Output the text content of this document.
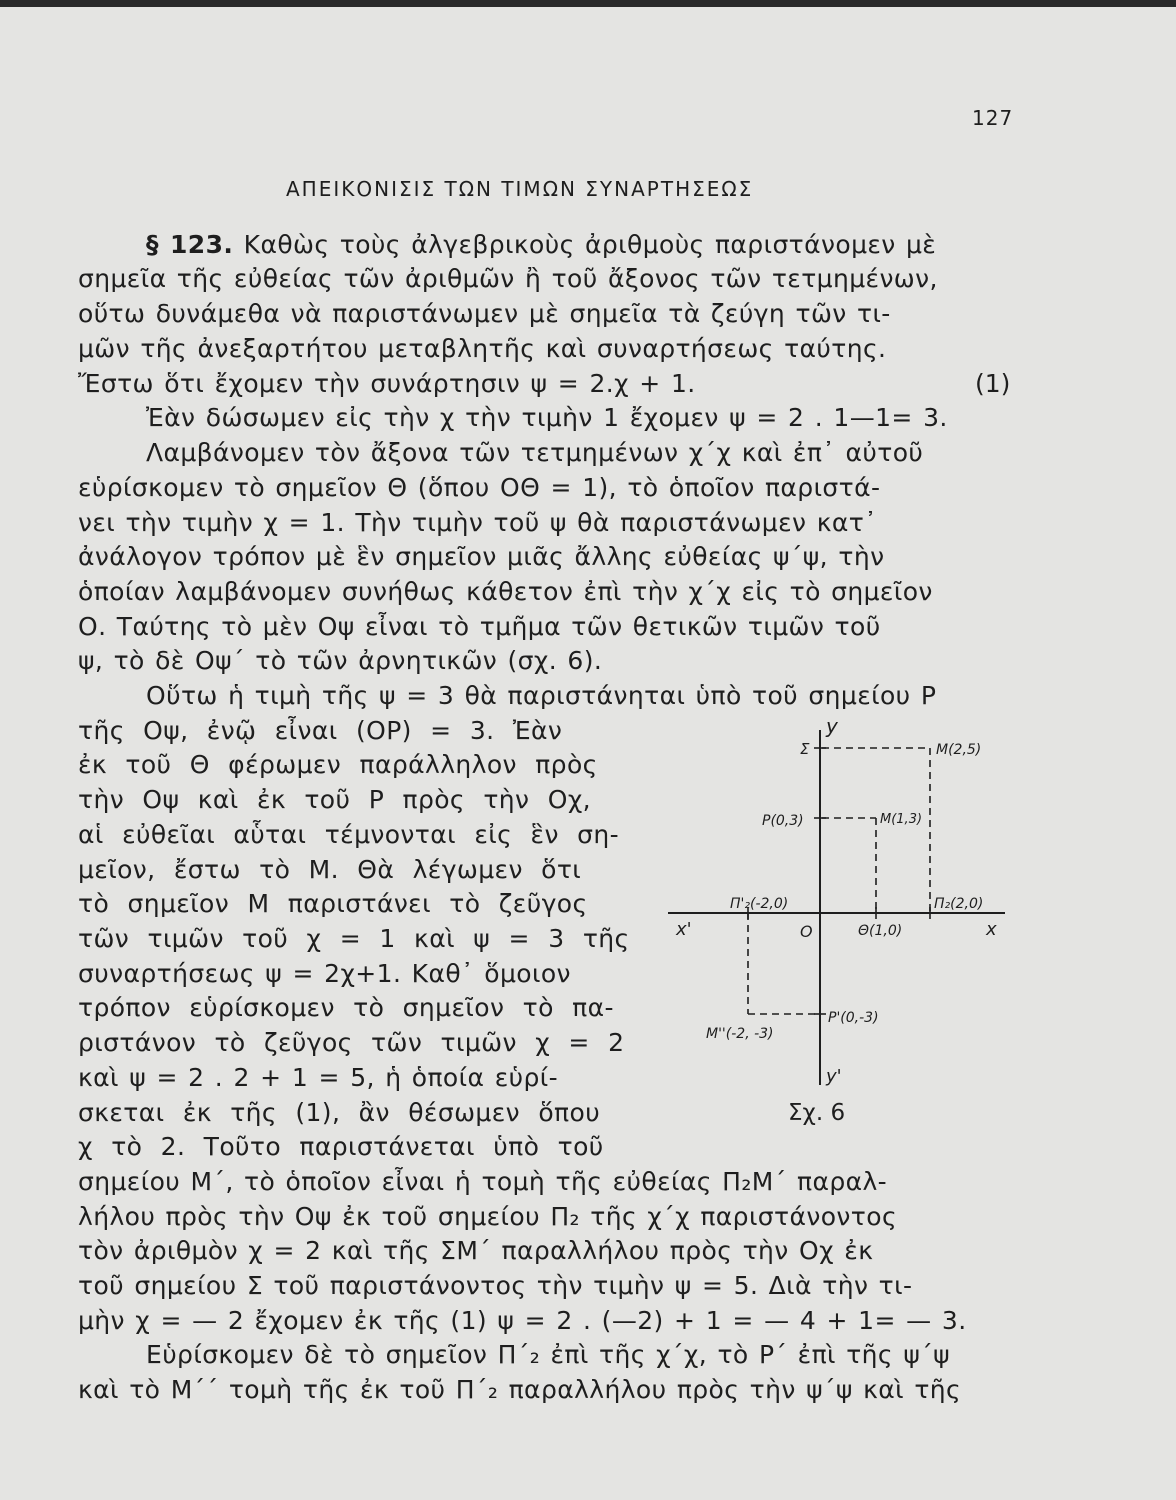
127
ΑΠΕΙΚΟΝΙΣΙΣ ΤΩΝ ΤΙΜΩΝ ΣΥΝΑΡΤΗΣΕΩΣ
§ 123. Καθὼς τοὺς ἀλγεβρικοὺς ἀριθμοὺς παριστάνομεν μὲ
σημεῖα τῆς εὐθείας τῶν ἀριθμῶν ἢ τοῦ ἄξονος τῶν τετμημένων,
οὕτω δυνάμεθα νὰ παριστάνωμεν μὲ σημεῖα τὰ ζεύγη τῶν τι-
μῶν τῆς ἀνεξαρτήτου μεταβλητῆς καὶ συναρτήσεως ταύτης.
Ἔστω ὅτι ἔχομεν τὴν συνάρτησιν ψ = 2.χ + 1.	(1)
Ἐὰν δώσωμεν εἰς τὴν χ τὴν τιμὴν 1 ἔχομεν ψ = 2 . 1—1= 3.
Λαμβάνομεν τὸν ἄξονα τῶν τετμημένων χ΄χ καὶ ἐπ᾽ αὐτοῦ
εὑρίσκομεν τὸ σημεῖον Θ (ὅπου ΟΘ = 1), τὸ ὁποῖον παριστά-
νει τὴν τιμὴν χ = 1. Τὴν τιμὴν τοῦ ψ θὰ παριστάνωμεν κατ᾽
ἀνάλογον τρόπον μὲ ἓν σημεῖον μιᾶς ἄλλης εὐθείας ψ΄ψ, τὴν
ὁποίαν λαμβάνομεν συνήθως κάθετον ἐπὶ τὴν χ΄χ εἰς τὸ σημεῖον
Ο. Ταύτης τὸ μὲν Οψ εἶναι τὸ τμῆμα τῶν θετικῶν τιμῶν τοῦ
ψ, τὸ δὲ Οψ΄ τὸ τῶν ἀρνητικῶν (σχ. 6).
Οὕτω ἡ τιμὴ τῆς ψ = 3 θὰ παριστάνηται ὑπὸ τοῦ σημείου Ρ
τῆς Οψ, ἐνῷ εἶναι (ΟΡ) = 3. Ἐὰν
ἐκ τοῦ Θ φέρωμεν παράλληλον πρὸς
τὴν Οψ καὶ ἐκ τοῦ Ρ πρὸς τὴν Οχ,
αἱ εὐθεῖαι αὗται τέμνονται εἰς ἓν ση-
μεῖον, ἔστω τὸ Μ. Θὰ λέγωμεν ὅτι
τὸ σημεῖον Μ παριστάνει τὸ ζεῦγος
τῶν τιμῶν τοῦ χ = 1 καὶ ψ = 3 τῆς
συναρτήσεως ψ = 2χ+1. Καθ᾽ ὅμοιον
τρόπον εὑρίσκομεν τὸ σημεῖον τὸ πα-
ριστάνον τὸ ζεῦγος τῶν τιμῶν χ = 2
καὶ ψ = 2 . 2 + 1 = 5, ἡ ὁποία εὑρί-
σκεται ἐκ τῆς (1), ἂν θέσωμεν ὅπου
χ τὸ 2. Τοῦτο παριστάνεται ὑπὸ τοῦ
σημείου Μ΄, τὸ ὁποῖον εἶναι ἡ τομὴ τῆς εὐθείας Π₂Μ΄ παραλ-
λήλου πρὸς τὴν Οψ ἐκ τοῦ σημείου Π₂ τῆς χ΄χ παριστάνοντος
τὸν ἀριθμὸν χ = 2 καὶ τῆς ΣΜ΄ παραλλήλου πρὸς τὴν Οχ ἐκ
τοῦ σημείου Σ τοῦ παριστάνοντος τὴν τιμὴν ψ = 5. Διὰ τὴν τι-
μὴν χ = — 2 ἔχομεν ἐκ τῆς (1) ψ = 2 . (—2) + 1 = — 4 + 1= — 3.
Εὑρίσκομεν δὲ τὸ σημεῖον Π΄₂ ἐπὶ τῆς χ΄χ, τὸ Ρ΄ ἐπὶ τῆς ψ΄ψ
καὶ τὸ Μ΄΄ τομὴ τῆς ἐκ τοῦ Π΄₂ παραλλήλου πρὸς τὴν ψ΄ψ καὶ τῆς
y
Σ	M(2,5)
P(0,3)	M(1,3)
Π'₂(-2,0)	Π₂(2,0)
x'	O	Θ(1,0)	x
P'(0,-3)
M''(-2, -3)
y'
Σχ. 6
